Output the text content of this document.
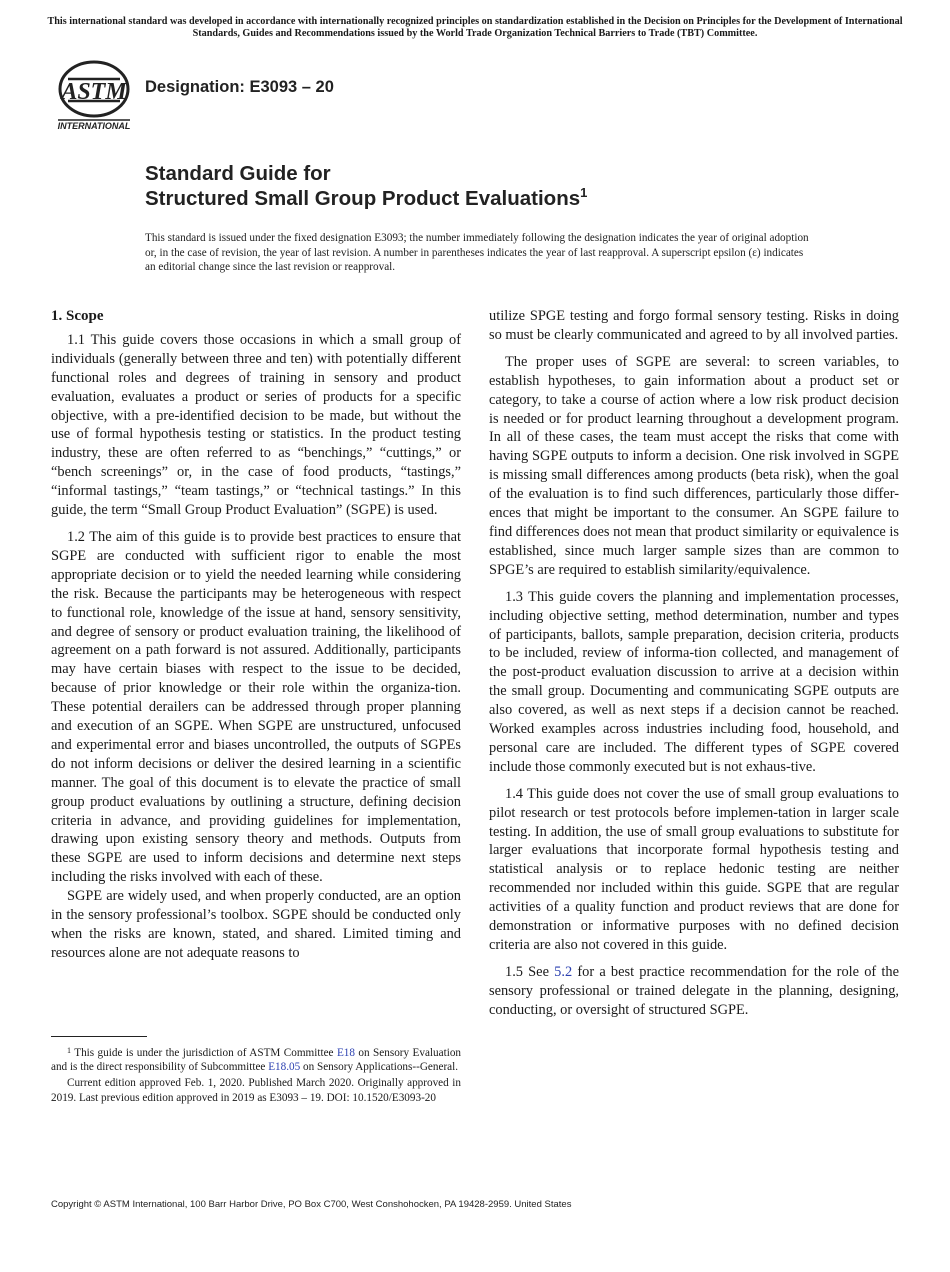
This international standard was developed in accordance with internationally recognized principles on standardization established in the Decision on Principles for the Development of International Standards, Guides and Recommendations issued by the World Trade Organization Technical Barriers to Trade (TBT) Committee.
ASTM
INTERNATIONAL
Designation: E3093 – 20
Standard Guide for
Structured Small Group Product Evaluations$^1$
This standard is issued under the fixed designation E3093; the number immediately following the designation indicates the year of original adoption or, in the case of revision, the year of last revision. A number in parentheses indicates the year of last reapproval. A superscript epsilon (ε) indicates an editorial change since the last revision or reapproval.
1. Scope

1.1 This guide covers those occasions in which a small group of individuals (generally between three and ten) with potentially different functional roles and degrees of training in sensory and product evaluation, evaluates a product or series of products for a specific objective, with a pre-identified decision to be made, but without the use of formal hypothesis testing or statistics. In the product testing industry, these are often referred to as “benchings,” “cuttings,” or “bench screenings” or, in the case of food products, “tastings,” “informal tastings,” “team tastings,” or “technical tastings.” In this guide, the term “Small Group Product Evaluation” (SGPE) is used.

1.2 The aim of this guide is to provide best practices to ensure that SGPE are conducted with sufficient rigor to enable the most appropriate decision or to yield the needed learning while considering the risk. Because the participants may be heterogeneous with respect to functional role, knowledge of the issue at hand, sensory sensitivity, and degree of sensory or product evaluation training, the likelihood of agreement on a path forward is not assured. Additionally, participants may have certain biases with respect to the issue to be decided, because of prior knowledge or their role within the organiza-tion. These potential derailers can be addressed through proper planning and execution of an SGPE. When SGPE are unstructured, unfocused and experimental error and biases uncontrolled, the outputs of SGPEs do not inform decisions or deliver the desired learning in a scientific manner. The goal of this document is to elevate the practice of small group product evaluations by outlining a structure, defining decision criteria in advance, and providing guidelines for implementation, drawing upon existing sensory theory and methods. Outputs from these SGPE are used to inform decisions and determine next steps including the risks involved with each of these.

SGPE are widely used, and when properly conducted, are an option in the sensory professional’s toolbox. SGPE should be conducted only when the risks are known, stated, and shared. Limited timing and resources alone are not adequate reasons to

$^1$ This guide is under the jurisdiction of ASTM Committee E18 on Sensory Evaluation and is the direct responsibility of Subcommittee E18.05 on Sensory Applications--General.

Current edition approved Feb. 1, 2020. Published March 2020. Originally approved in 2019. Last previous edition approved in 2019 as E3093 – 19. DOI: 10.1520/E3093-20

utilize SPGE testing and forgo formal sensory testing. Risks in doing so must be clearly communicated and agreed to by all involved parties.

The proper uses of SGPE are several: to screen variables, to establish hypotheses, to gain information about a product set or category, to take a course of action where a low risk product decision is needed or for product learning throughout a development program. In all of these cases, the team must accept the risks that come with having SGPE outputs to inform a decision. One risk involved in SGPE is missing small differences among products (beta risk), when the goal of the evaluation is to find such differences, particularly those differ-ences that might be important to the consumer. An SGPE failure to find differences does not mean that product similarity or equivalence is established, since much larger sample sizes than are common to SPGE’s are required to establish similarity/equivalence.

1.3 This guide covers the planning and implementation processes, including objective setting, method determination, number and types of participants, ballots, sample preparation, decision criteria, products to be included, review of informa-tion collected, and management of the post-product evaluation discussion to arrive at a decision within the small group. Documenting and communicating SGPE outputs are also covered, as well as next steps if a decision cannot be reached. Worked examples across industries including food, household, and personal care are included. The different types of SGPE covered include those commonly executed but is not exhaus-tive.

1.4 This guide does not cover the use of small group evaluations to pilot research or test protocols before implemen-tation in larger scale testing. In addition, the use of small group evaluations to substitute for larger evaluations that incorporate formal hypothesis testing and statistical analysis or to replace hedonic testing are neither recommended nor included within this guide. SGPE that are regular activities of a quality function and product reviews that are done for demonstration or informative purposes with no defined decision criteria are also not covered in this guide.

1.5 See 5.2 for a best practice recommendation for the role of the sensory professional or trained delegate in the planning, designing, conducting, or oversight of structured SGPE.

Copyright © ASTM International, 100 Barr Harbor Drive, PO Box C700, West Conshohocken, PA 19428-2959. United States
